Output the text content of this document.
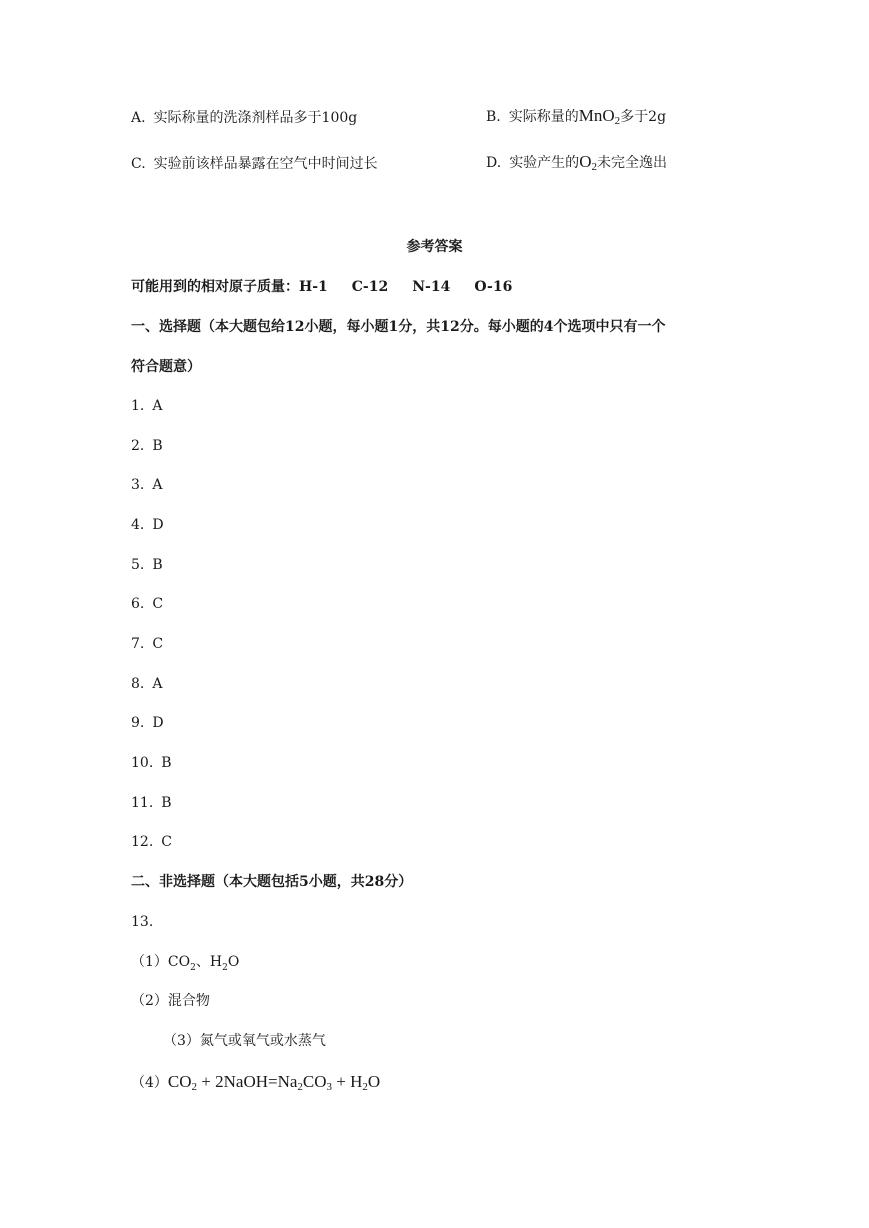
A. 实际称量的洗涤剂样品多于100g	B. 实际称量的MnO$_2$多于2g
C. 实验前该样品暴露在空气中时间过长	D. 实验产生的$O_2$未完全逸出
参考答案
可能用到的相对原子质量：H-1 C-12 N-14 O-16
一、选择题（本大题包给12小题，每小题1分，共12分。每小题的4个选项中只有一个
符合题意）
1. A
2. B
3. A
4. D
5. B
6. C
7. C
8. A
9. D
10. B
11. B
12. C
二、非选择题（本大题包括5小题，共28分）
13.
$(1)CO_2$、$H_2O$
（2）混合物
（3）氮气或氧气或水蒸气
$(4)CO_2$ + $2NaOH=Na_2CO_3 + H_2O$
